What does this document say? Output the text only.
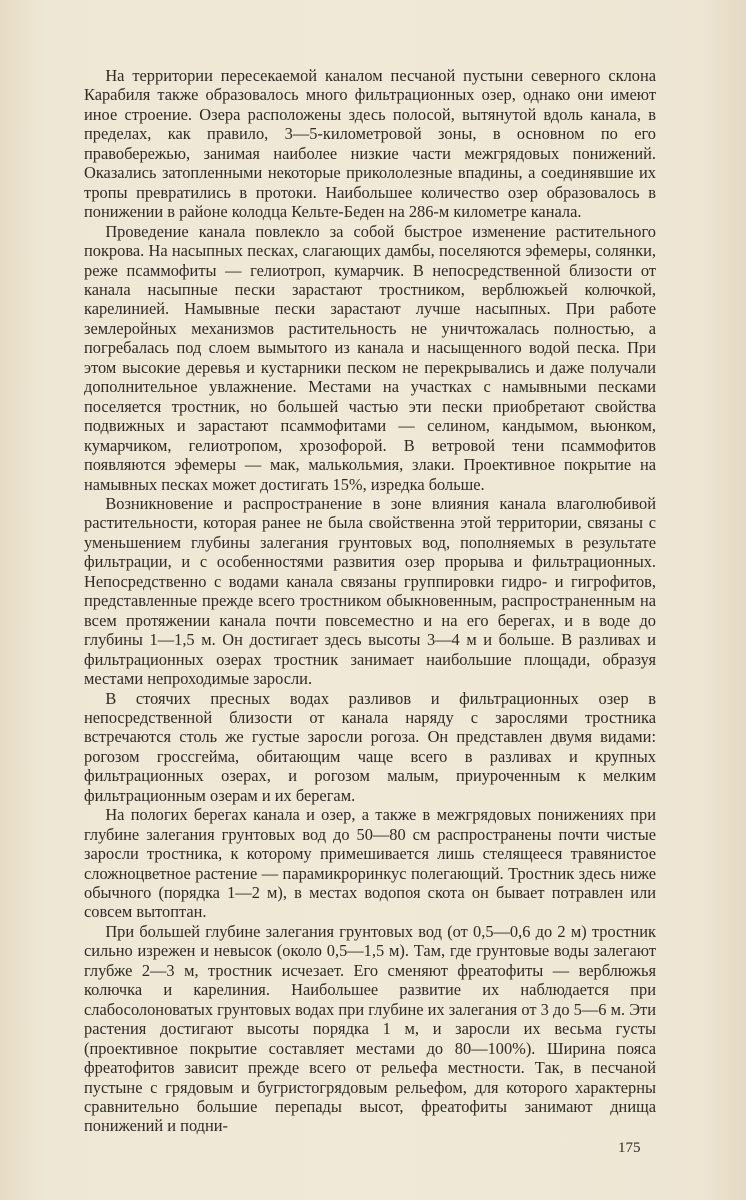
На территории пересекаемой каналом песчаной пустыни северного склона Карабиля также образовалось много фильтрационных озер, однако они имеют иное строение. Озера расположены здесь полосой, вытянутой вдоль канала, в пределах, как правило, 3—5-километровой зоны, в основном по его правобережью, занимая наиболее низкие части межгрядовых понижений. Оказались затопленными некоторые прикололезные впадины, а соединявшие их тропы превратились в протоки. Наибольшее количество озер образовалось в понижении в районе колодца Кельте-Беден на 286-м километре канала.

Проведение канала повлекло за собой быстрое изменение растительного покрова. На насыпных песках, слагающих дамбы, поселяются эфемеры, солянки, реже псаммофиты — гелиотроп, кумарчик. В непосредственной близости от канала насыпные пески зарастают тростником, верблюжьей колючкой, карелинией. Намывные пески зарастают лучше насыпных. При работе землеройных механизмов растительность не уничтожалась полностью, а погребалась под слоем вымытого из канала и насыщенного водой песка. При этом высокие деревья и кустарники песком не перекрывались и даже получали дополнительное увлажнение. Местами на участках с намывными песками поселяется тростник, но большей частью эти пески приобретают свойства подвижных и зарастают псаммофитами — селином, кандымом, вьюнком, кумарчиком, гелиотропом, хрозофорой. В ветровой тени псаммофитов появляются эфемеры — мак, малькольмия, злаки. Проективное покрытие на намывных песках может достигать 15%, изредка больше.

Возникновение и распространение в зоне влияния канала влаголюбивой растительности, которая ранее не была свойственна этой территории, связаны с уменьшением глубины залегания грунтовых вод, пополняемых в результате фильтрации, и с особенностями развития озер прорыва и фильтрационных. Непосредственно с водами канала связаны группировки гидро- и гигрофитов, представленные прежде всего тростником обыкновенным, распространенным на всем протяжении канала почти повсеместно и на его берегах, и в воде до глубины 1—1,5 м. Он достигает здесь высоты 3—4 м и больше. В разливах и фильтрационных озерах тростник занимает наибольшие площади, образуя местами непроходимые заросли.

В стоячих пресных водах разливов и фильтрационных озер в непосредственной близости от канала наряду с зарослями тростника встречаются столь же густые заросли рогоза. Он представлен двумя видами: рогозом гроссгейма, обитающим чаще всего в разливах и крупных фильтрационных озерах, и рогозом малым, приуроченным к мелким фильтрационным озерам и их берегам.

На пологих берегах канала и озер, а также в межгрядовых понижениях при глубине залегания грунтовых вод до 50—80 см распространены почти чистые заросли тростника, к которому примешивается лишь стелящееся травянистое сложноцветное растение — парамикроринкус полегающий. Тростник здесь ниже обычного (порядка 1—2 м), в местах водопоя скота он бывает потравлен или совсем вытоптан.

При большей глубине залегания грунтовых вод (от 0,5—0,6 до 2 м) тростник сильно изрежен и невысок (около 0,5—1,5 м). Там, где грунтовые воды залегают глубже 2—3 м, тростник исчезает. Его сменяют фреатофиты — верблюжья колючка и карелиния. Наибольшее развитие их наблюдается при слабосолоноватых грунтовых водах при глубине их залегания от 3 до 5—6 м. Эти растения достигают высоты порядка 1 м, и заросли их весьма густы (проективное покрытие составляет местами до 80—100%). Ширина пояса фреатофитов зависит прежде всего от рельефа местности. Так, в песчаной пустыне с грядовым и бугристогрядовым рельефом, для которого характерны сравнительно большие перепады высот, фреатофиты занимают днища понижений и подни-

175
